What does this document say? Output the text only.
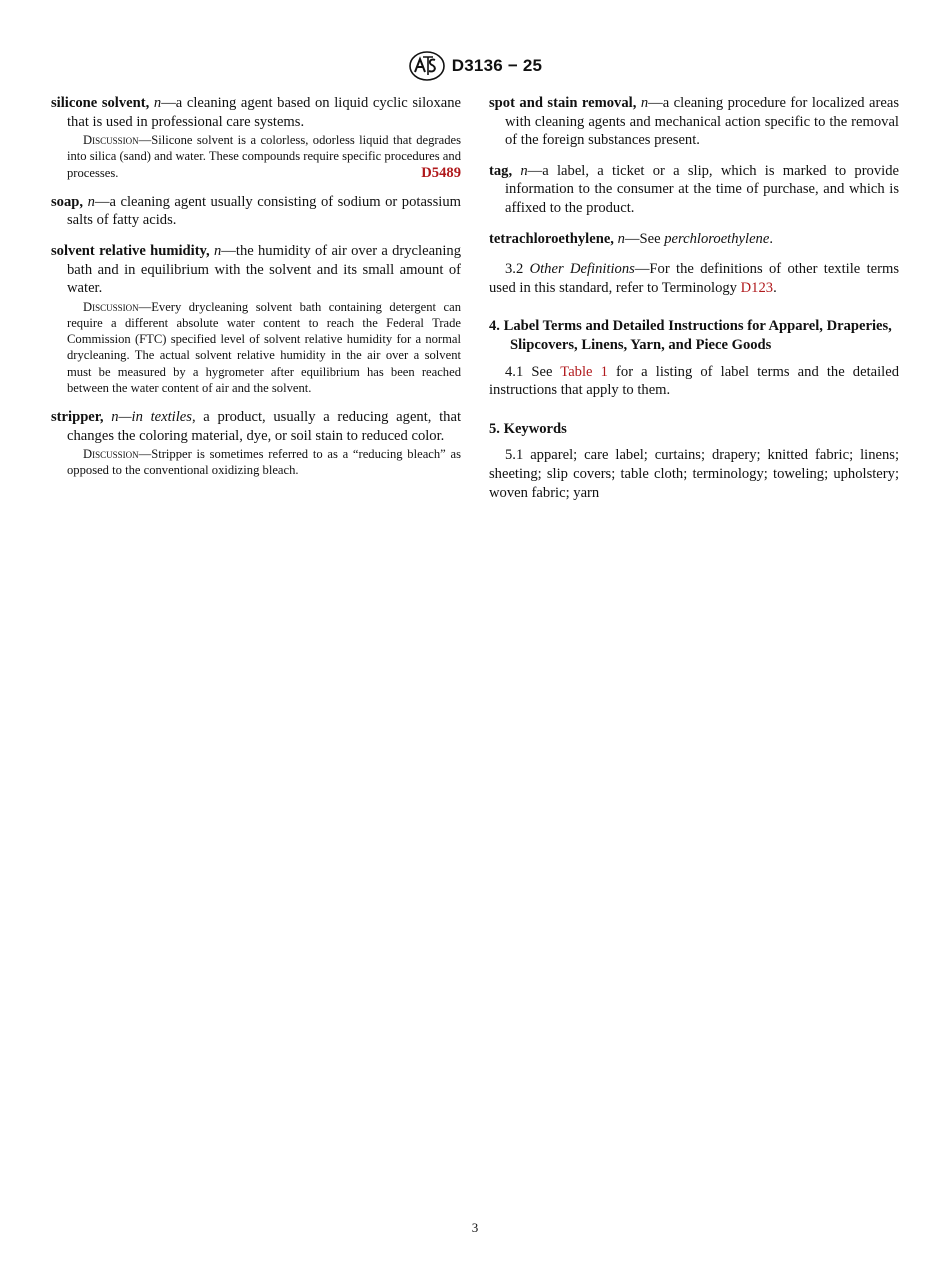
D3136 − 25
silicone solvent, n—a cleaning agent based on liquid cyclic siloxane that is used in professional care systems.
Discussion—Silicone solvent is a colorless, odorless liquid that degrades into silica (sand) and water. These compounds require specific procedures and processes.	D5489
soap, n—a cleaning agent usually consisting of sodium or potassium salts of fatty acids.
solvent relative humidity, n—the humidity of air over a drycleaning bath and in equilibrium with the solvent and its small amount of water.
Discussion—Every drycleaning solvent bath containing detergent can require a different absolute water content to reach the Federal Trade Commission (FTC) specified level of solvent relative humidity for a normal drycleaning. The actual solvent relative humidity in the air over a solvent must be measured by a hygrometer after equilibrium has been reached between the water content of air and the solvent.
stripper, n—in textiles, a product, usually a reducing agent, that changes the coloring material, dye, or soil stain to reduced color.
Discussion—Stripper is sometimes referred to as a “reducing bleach” as opposed to the conventional oxidizing bleach.
spot and stain removal, n—a cleaning procedure for localized areas with cleaning agents and mechanical action specific to the removal of the foreign substances present.
tag, n—a label, a ticket or a slip, which is marked to provide information to the consumer at the time of purchase, and which is affixed to the product.
tetrachloroethylene, n—See perchloroethylene.
3.2 Other Definitions—For the definitions of other textile terms used in this standard, refer to Terminology D123.
4. Label Terms and Detailed Instructions for Apparel, Draperies, Slipcovers, Linens, Yarn, and Piece Goods
4.1 See Table 1 for a listing of label terms and the detailed instructions that apply to them.
5. Keywords
5.1 apparel; care label; curtains; drapery; knitted fabric; linens; sheeting; slip covers; table cloth; terminology; toweling; upholstery; woven fabric; yarn
3
